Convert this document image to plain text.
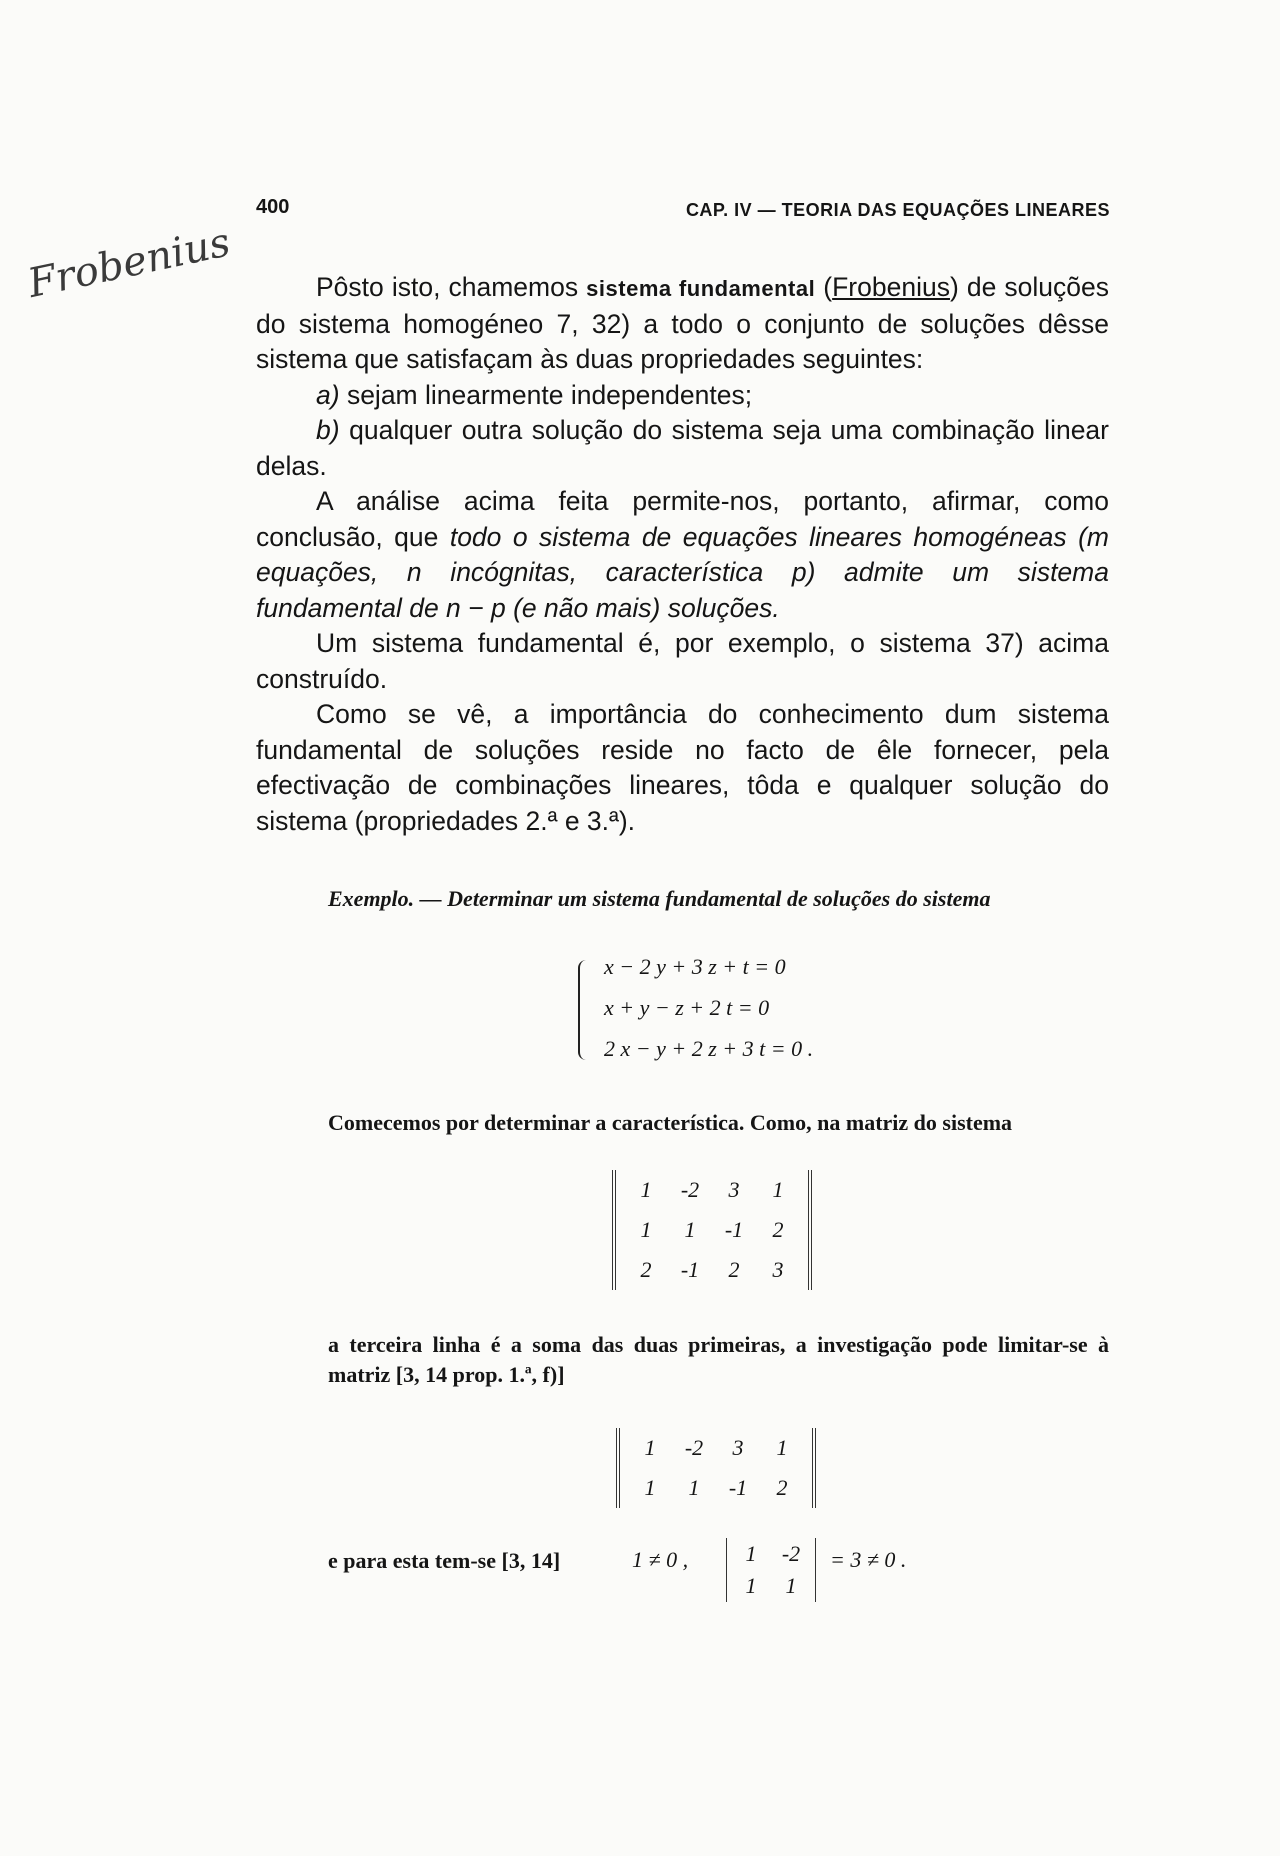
400	CAP. IV — TEORIA DAS EQUAÇÕES LINEARES
Frobenius	Pôsto isto, chamemos sistema fundamental (Frobenius) de soluções do sistema homogéneo 7, 32) a todo o conjunto de soluções dêsse sistema que satisfaçam às duas propriedades seguintes:

a) sejam linearmente independentes;

b) qualquer outra solução do sistema seja uma combinação linear delas.

A análise acima feita permite-nos, portanto, afirmar, como conclusão, que todo o sistema de equações lineares homogéneas (m equações, n incógnitas, característica p) admite um sistema fundamental de n − p (e não mais) soluções.

Um sistema fundamental é, por exemplo, o sistema 37) acima construído.

Como se vê, a importância do conhecimento dum sistema fundamental de soluções reside no facto de êle fornecer, pela efectivação de combinações lineares, tôda e qualquer solução do sistema (propriedades 2.ª e 3.ª).

Exemplo. — Determinar um sistema fundamental de soluções do sistema
x − 2 y + 3 z + t = 0
x + y − z + 2 t = 0
2 x − y + 2 z + 3 t = 0 .
Comecemos por determinar a característica. Como, na matriz do sistema
1	-2	3	1
1	1	-1	2
2	-1	2	3
a terceira linha é a soma das duas primeiras, a investigação pode limitar-se à matriz [3, 14 prop. 1.ª, f)]
1	-2	3	1
1	1	-1	2
e para esta tem-se [3, 14]	1 ≠ 0 ,	1	-2
1	1
= 3 ≠ 0 .
